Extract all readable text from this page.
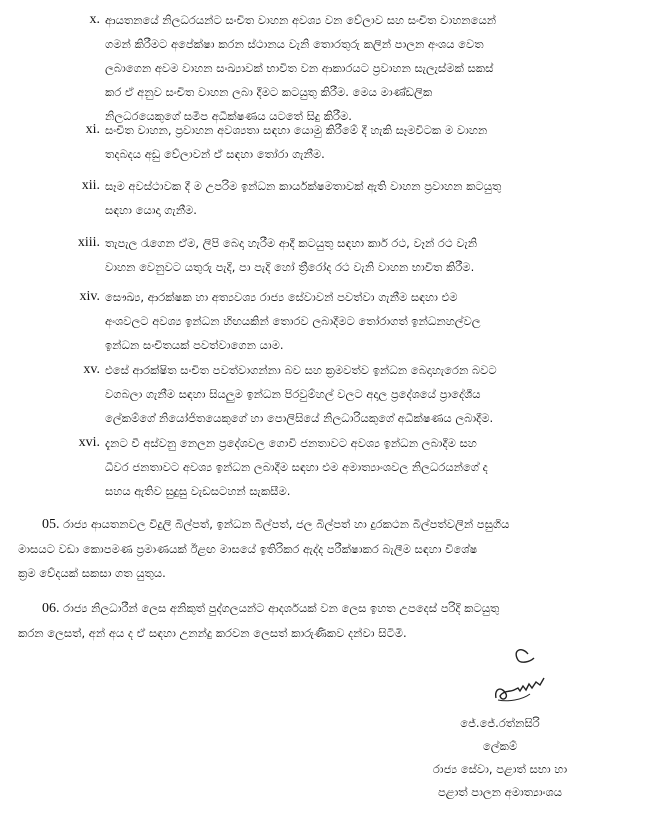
x. ආයතනයේ නිලධරයන්ට සංචිත වාහන අවශ්‍ය වන වේලාව සහ සංචිත වාහනයෙන්
ගමන් කිරීමට අපේක්ෂා කරන ස්ථානය වැනි තොරතුරු කලින් පාලන අංශය වෙත
ලබාගෙන අවම වාහන සංඛ්‍යාවක් භාවිත වන ආකාරයට ප්‍රවාහන සැලැස්මක් සකස්
කර ඒ අනුව සංචිත වාහන ලබා දීමට කටයුතු කිරීම. මෙය මාණ්ඩලික
නිලධරයෙකුගේ සමීප අධීක්ෂණය යටතේ සිදු කිරීම.
xi. සංචිත වාහන, ප්‍රවාහන අවශ්‍යතා සඳහා යොමු කිරීමේ දී හැකි සෑමවිටක ම වාහන
තදබදය අඩු වේලාවන් ඒ සඳහා තෝරා ගැනීම.
xii. සෑම අවස්ථාවක දී ම උපරිම ඉන්ධන කාර්යක්ෂමතාවක් ඇති වාහන ප්‍රවාහන කටයුතු
සඳහා යොදා ගැනීම.
xiii. තැපැල රැගෙන ඒම, ලිපි බෙදා හැරීම ආදී කටයුතු සඳහා කාර් රථ, වෑන් රථ වැනි
වාහන වෙනුවට යතුරු පැදි, පා පැදි හෝ ත්‍රීරෝද රථ වැනි වාහන භාවිත කිරීම.
xiv. සෞඛ්‍ය, ආරක්ෂක හා අත්‍යවශ්‍ය රාජ්‍ය සේවාවන් පවත්වා ගැනීම සඳහා එම
අංශවලට අවශ්‍ය ඉන්ධන හිඟයකින් තොරව ලබාදීමට තෝරාගත් ඉන්ධනහල්වල
ඉන්ධන සංචිතයක් පවත්වාගෙන යාම.
xv. එසේ ආරක්ෂිත සංචිත පවත්වාගන්නා බව සහ ක්‍රමවත්ව ඉන්ධන බෙදාහැරෙන බවට
වගබලා ගැනීම සඳහා සියලුම ඉන්ධන පිරවුම්හල් වලට අදාල ප්‍රදේශයේ ප්‍රාදේශීය
ලේකම්ගේ නියෝජිතයෙකුගේ හා පොලිසියේ නිලධාරියකුගේ අධීක්ෂණය ලබාදීම.
xvi. දැනට වී අස්වනු නෙලන ප්‍රදේශවල ගොවි ජනතාවට අවශ්‍ය ඉන්ධන ලබාදීම සහ
ධීවර ජනතාවට අවශ්‍ය ඉන්ධන ලබාදීම සඳහා එම අමාත්‍යාංශවල නිලධරයන්ගේ ද
සහය ඇතිව සුදුසු වැඩසටහන් සැකසීම.
05. රාජ්‍ය ආයතනවල විදුලි බිල්පත්, ඉන්ධන බිල්පත්, ජල බිල්පත් හා දුරකථන බිල්පත්වලින් පසුගිය
මාසයට වඩා කොපමණ ප්‍රමාණයක් ඊළඟ මාසයේ ඉතිරිකර ඇද්ද පරීක්ෂාකර බැලීම සඳහා විශේෂ
ක්‍රම වේදයක් සකසා ගත යුතුය.
06. රාජ්‍ය නිලධාරීන් ලෙස අනිකුත් පුද්ගලයන්ට ආදර්ශයක් වන ලෙස ඉහත උපදෙස් පරිදි කටයුතු
කරන ලෙසත්, අන් අය ද ඒ සඳහා උනන්දු කරවන ලෙසත් කාරුණිකව දන්වා සිටිමි.
ජේ.ජේ.රත්නසිරි
ලේකම්
රාජ්‍ය සේවා, පළාත් සභා හා
පළාත් පාලන අමාත්‍යාංශය
